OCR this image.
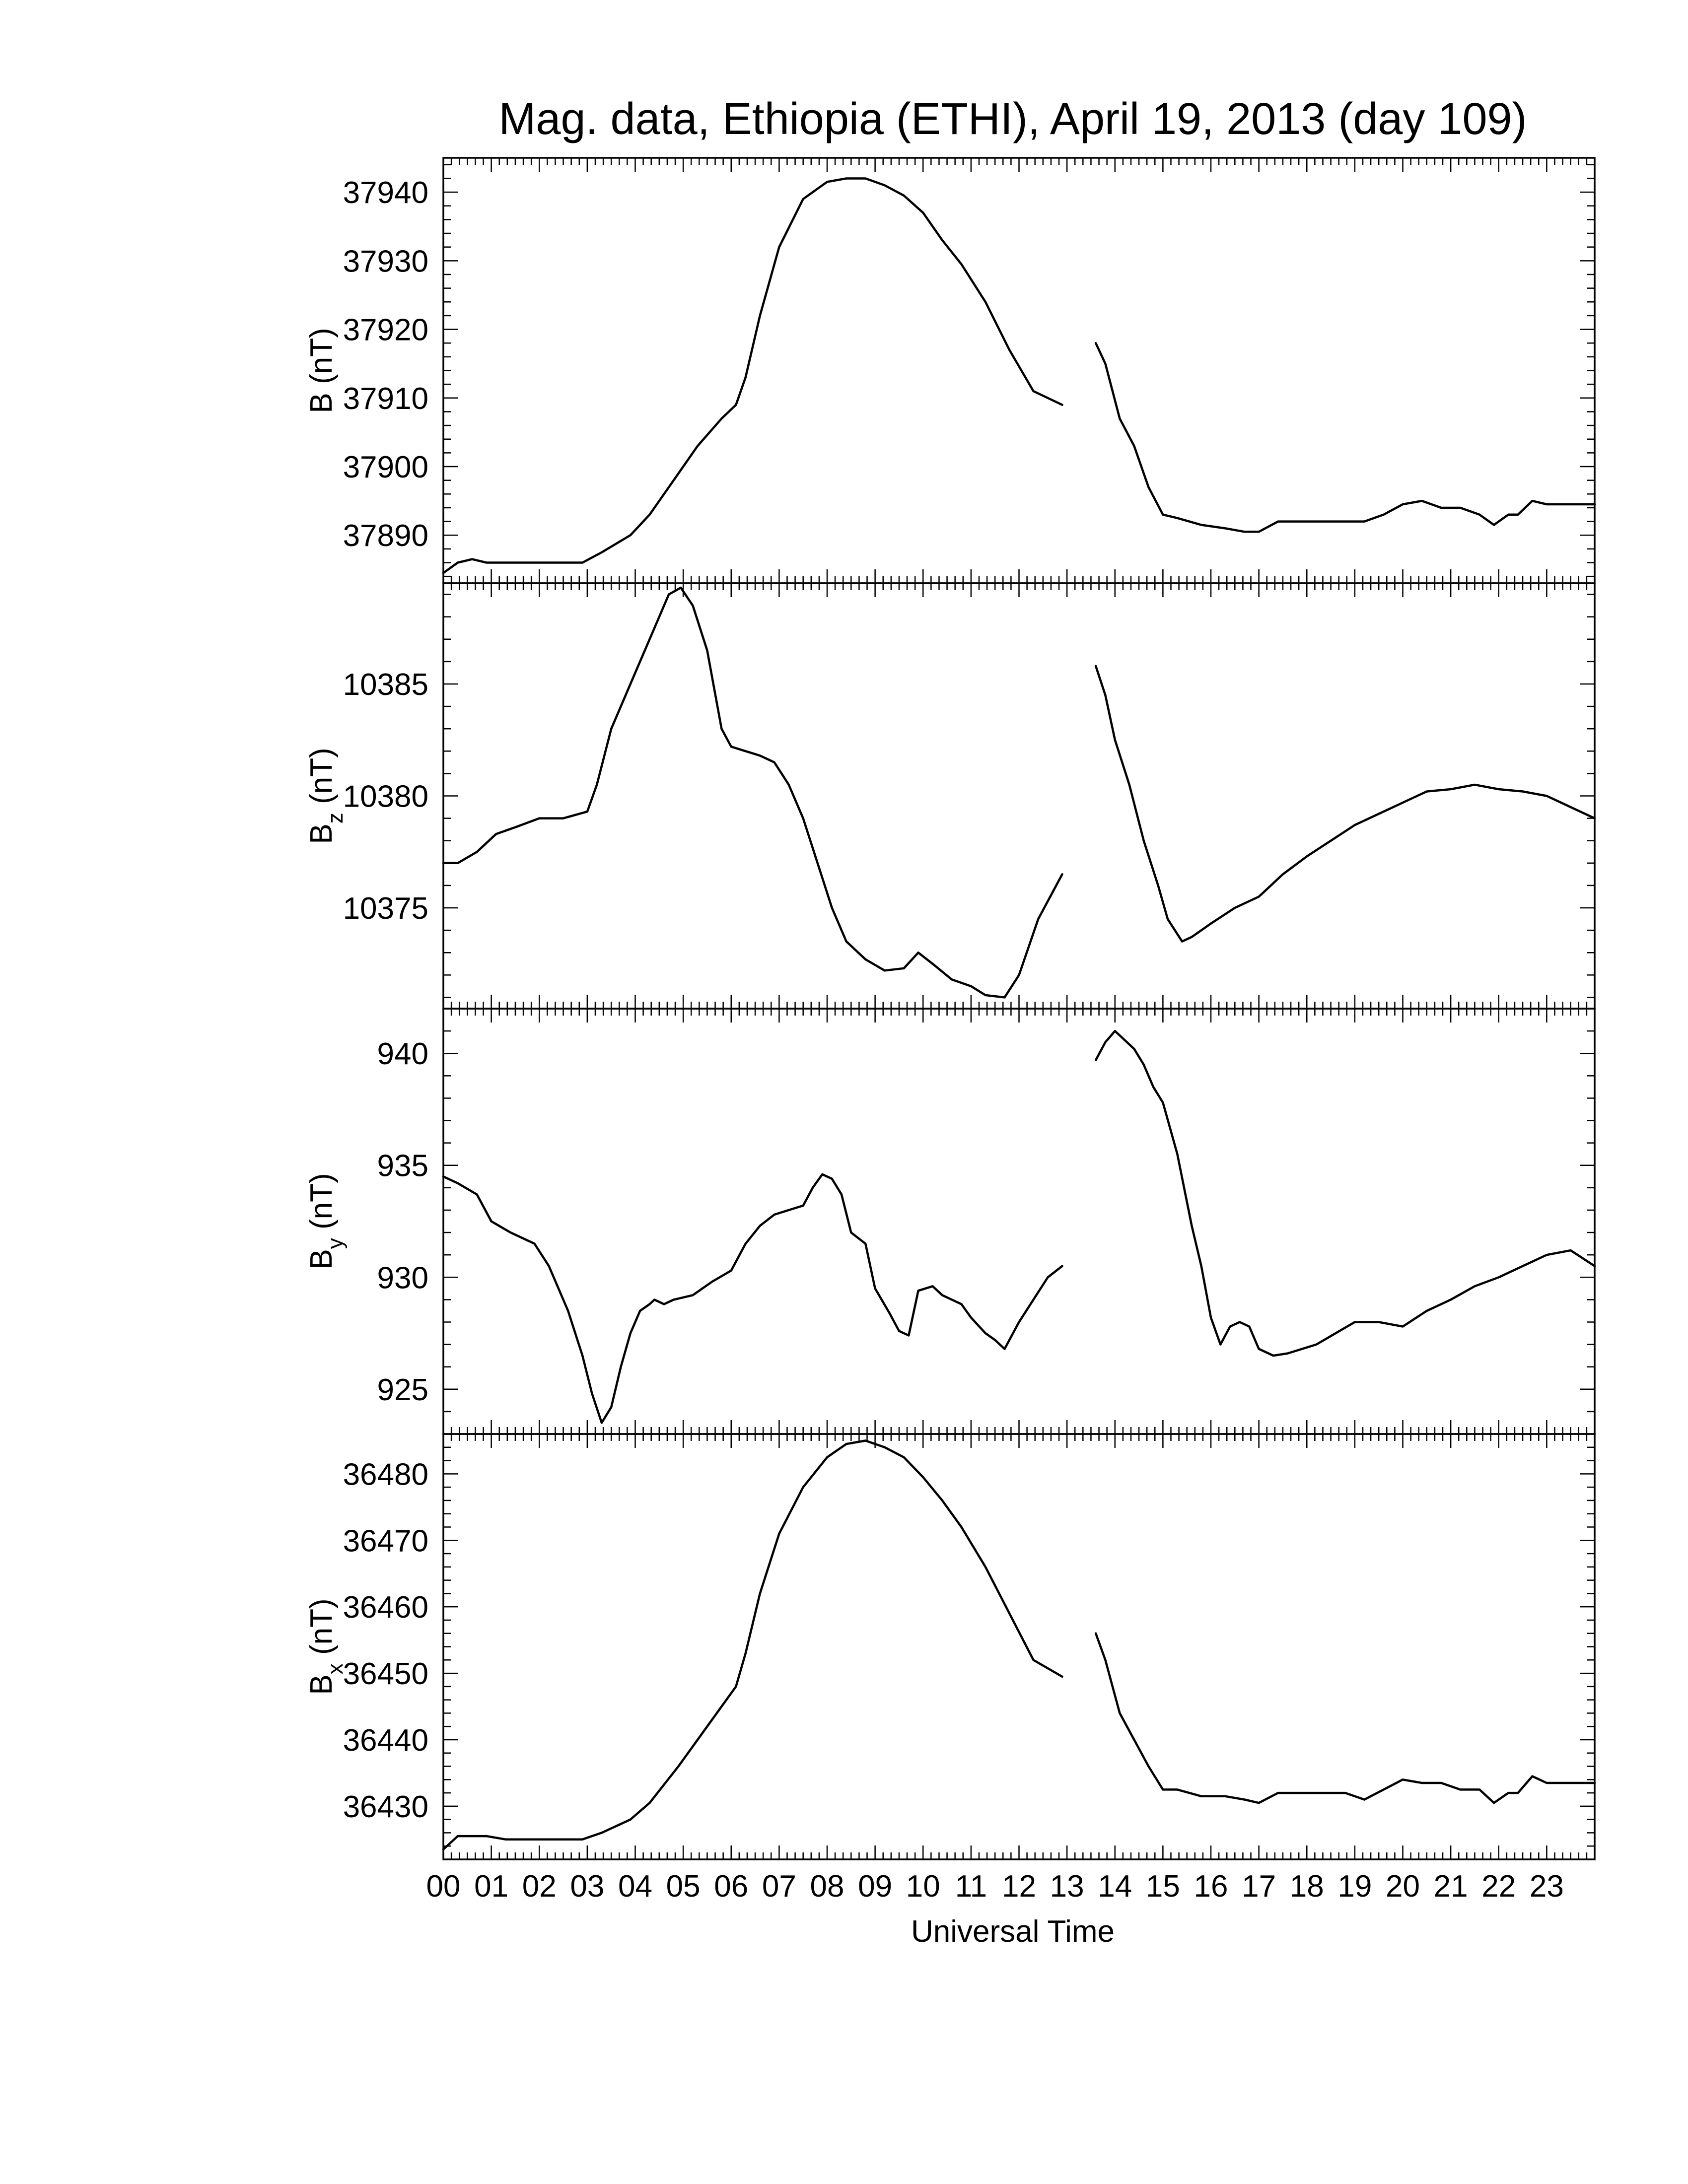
Mag. data, Ethiopia (ETHI), April 19, 2013 (day 109)
37890
37900
37910
37920
37930
37940
B (nT)
10375
10380
10385
$B_z$ (nT)
925
930
935
940
$B_y$ (nT)
36430
36440
36450
36460
36470
36480
$B_x$ (nT)
00 01 02 03 04 05 06 07 08 09 10 11 12 13 14 15 16 17 18 19 20 21 22 23
Universal Time
